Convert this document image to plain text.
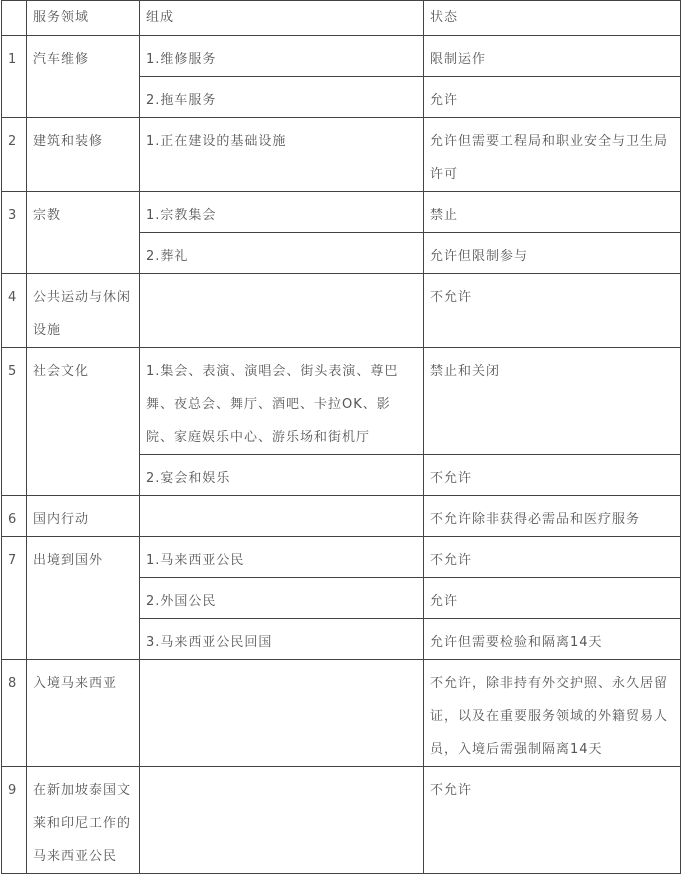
	服务领域	组成	状态
1	汽车维修	1.维修服务	限制运作
		2.拖车服务	允许
2	建筑和装修	1.正在建设的基础设施	允许但需要工程局和职业安全与卫生局许可
3	宗教	1.宗教集会	禁止
		2.葬礼	允许但限制参与
4	公共运动与休闲设施		不允许
5	社会文化	1.集会、表演、演唱会、街头表演、尊巴舞、夜总会、舞厅、酒吧、卡拉OK、影院、家庭娱乐中心、游乐场和街机厅	禁止和关闭
		2.宴会和娱乐	不允许
6	国内行动		不允许除非获得必需品和医疗服务
7	出境到国外	1.马来西亚公民	不允许
		2.外国公民	允许
		3.马来西亚公民回国	允许但需要检验和隔离14天
8	入境马来西亚		不允许，除非持有外交护照、永久居留证，以及在重要服务领域的外籍贸易人员，入境后需强制隔离14天
9	在新加坡泰国文莱和印尼工作的马来西亚公民		不允许
